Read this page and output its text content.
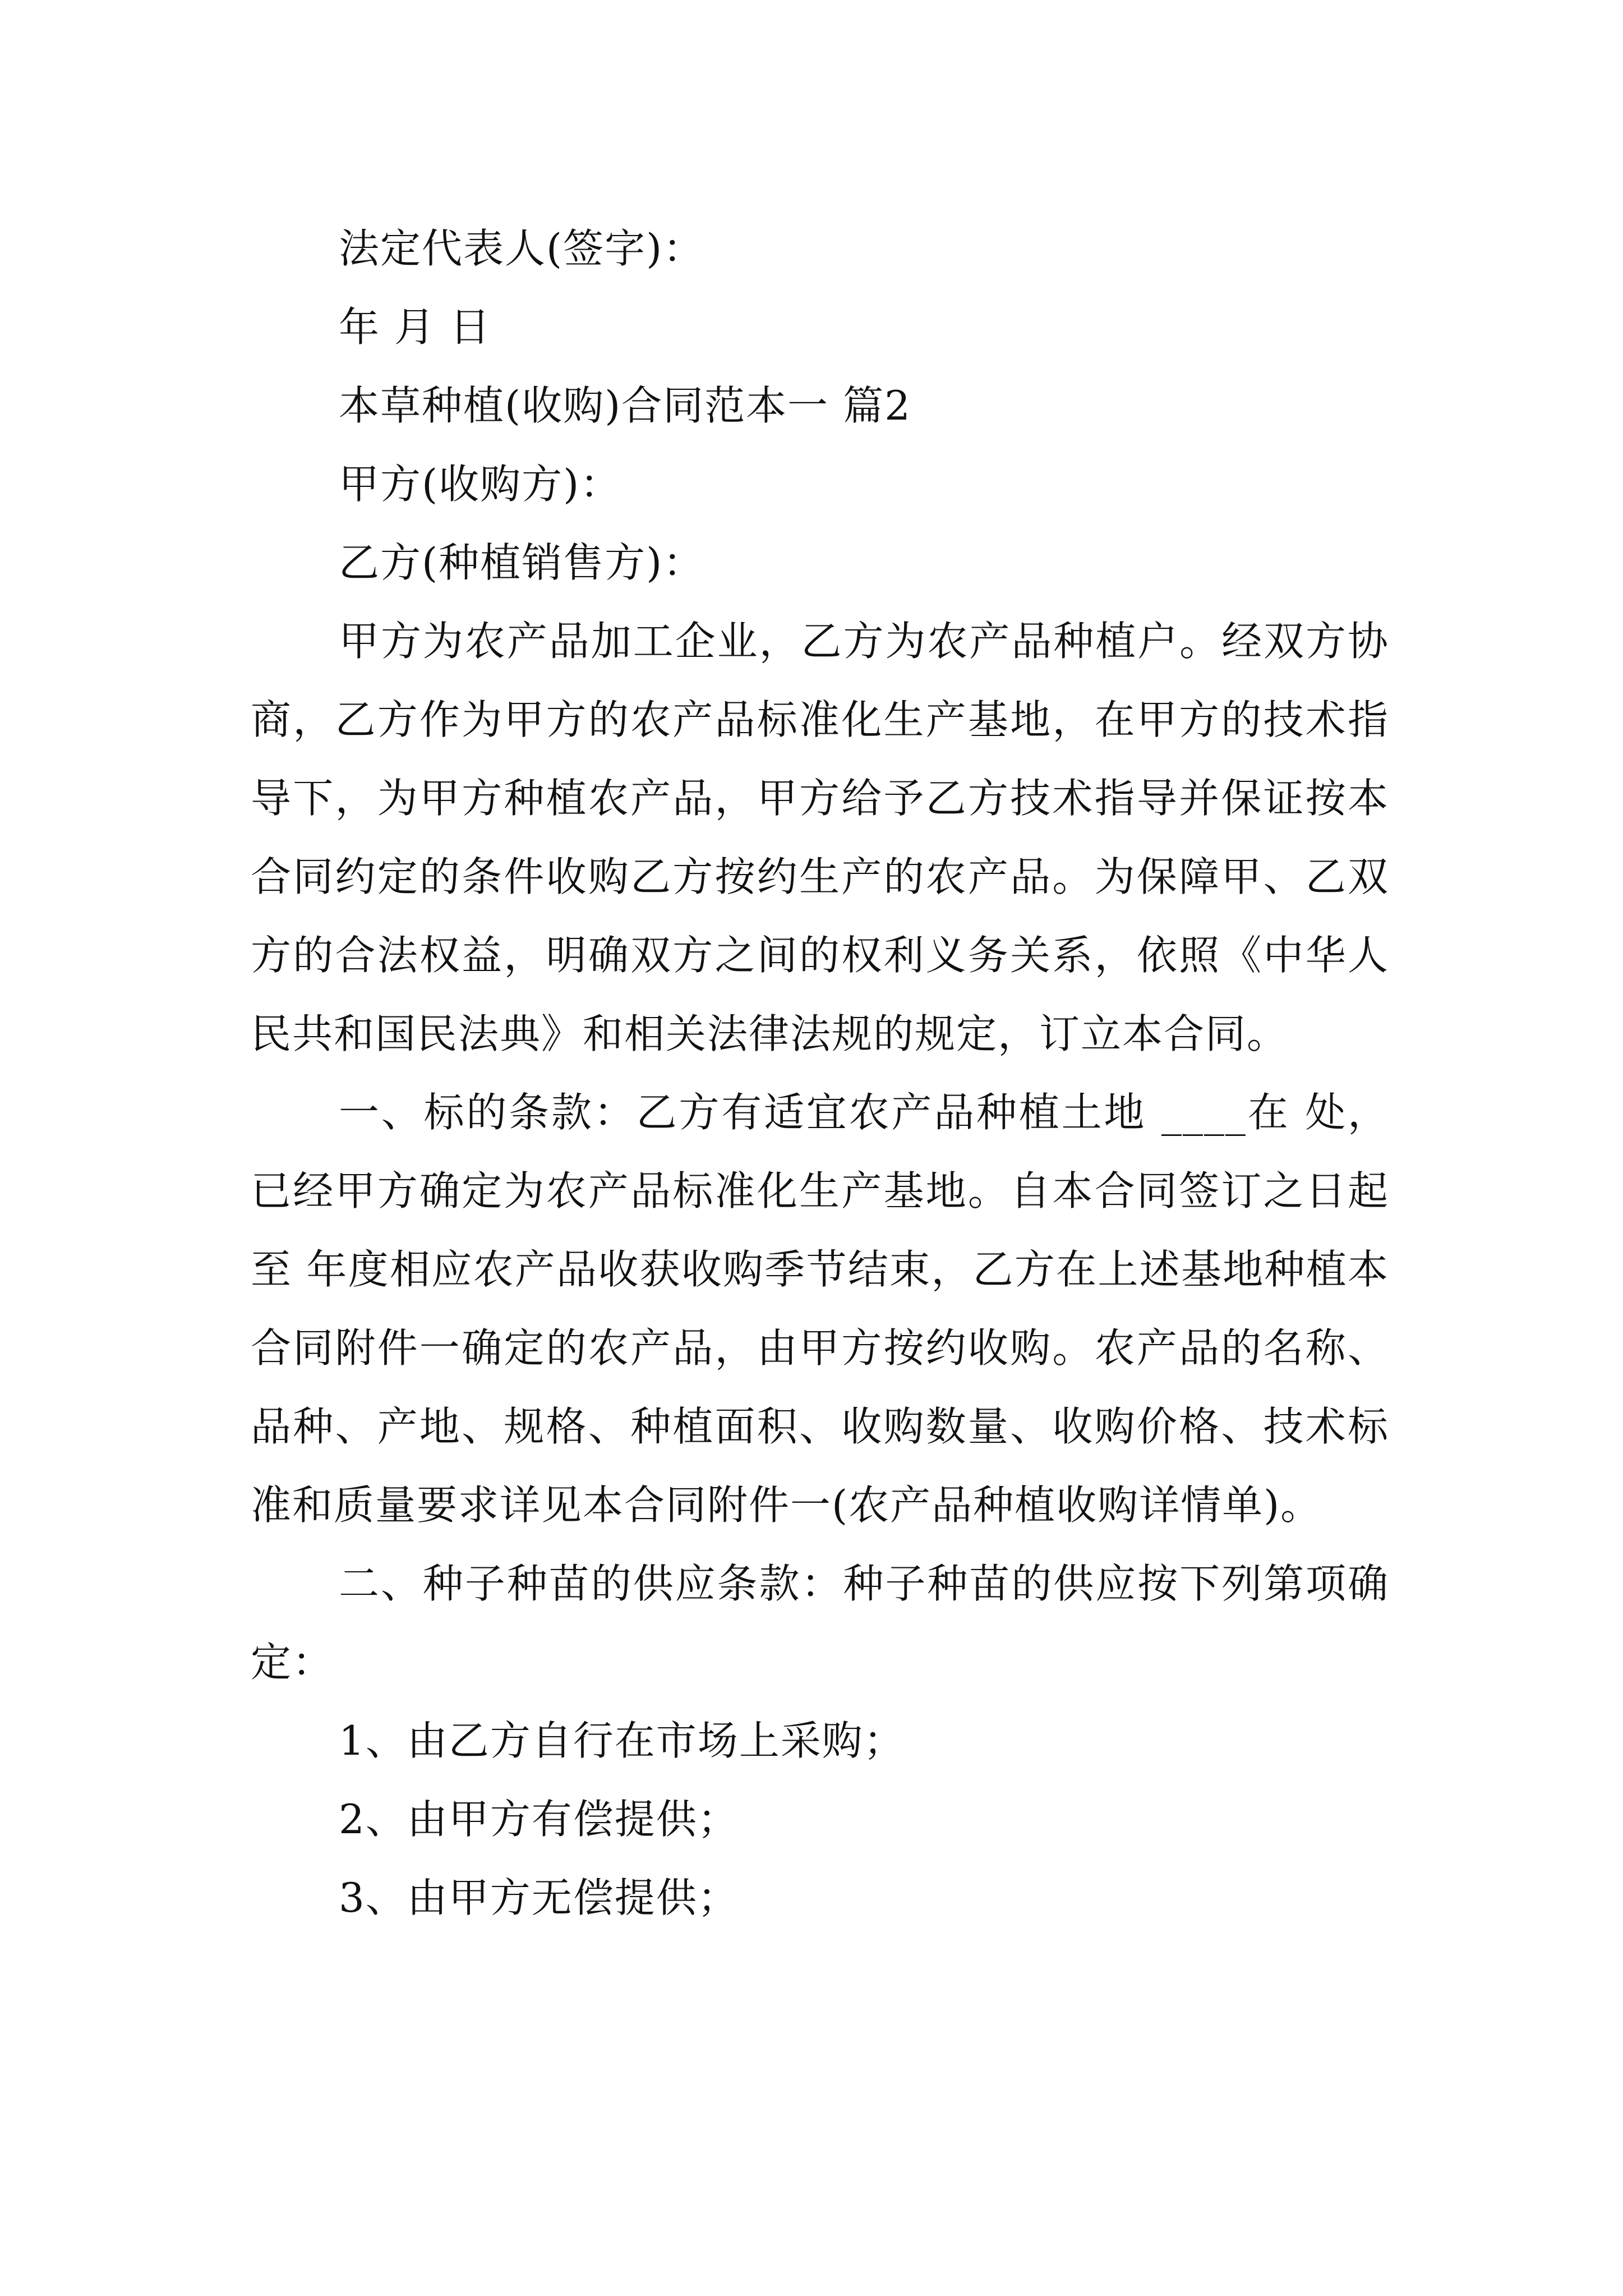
法定代表人(签字)：

年 月 日

本草种植(收购)合同范本一 篇2

甲方(收购方)：

乙方(种植销售方)：

甲方为农产品加工企业，乙方为农产品种植户。经双方协商，乙方作为甲方的农产品标准化生产基地，在甲方的技术指导下，为甲方种植农产品，甲方给予乙方技术指导并保证按本合同约定的条件收购乙方按约生产的农产品。为保障甲、乙双方的合法权益，明确双方之间的权利义务关系，依照《中华人民共和国民法典》和相关法律法规的规定，订立本合同。

一、标的条款：乙方有适宜农产品种植土地 ____在 处，已经甲方确定为农产品标准化生产基地。自本合同签订之日起至 年度相应农产品收获收购季节结束，乙方在上述基地种植本合同附件一确定的农产品，由甲方按约收购。农产品的名称、品种、产地、规格、种植面积、收购数量、收购价格、技术标准和质量要求详见本合同附件一(农产品种植收购详情单)。

二、种子种苗的供应条款：种子种苗的供应按下列第项确定：

1、由乙方自行在市场上采购；

2、由甲方有偿提供；

3、由甲方无偿提供；
